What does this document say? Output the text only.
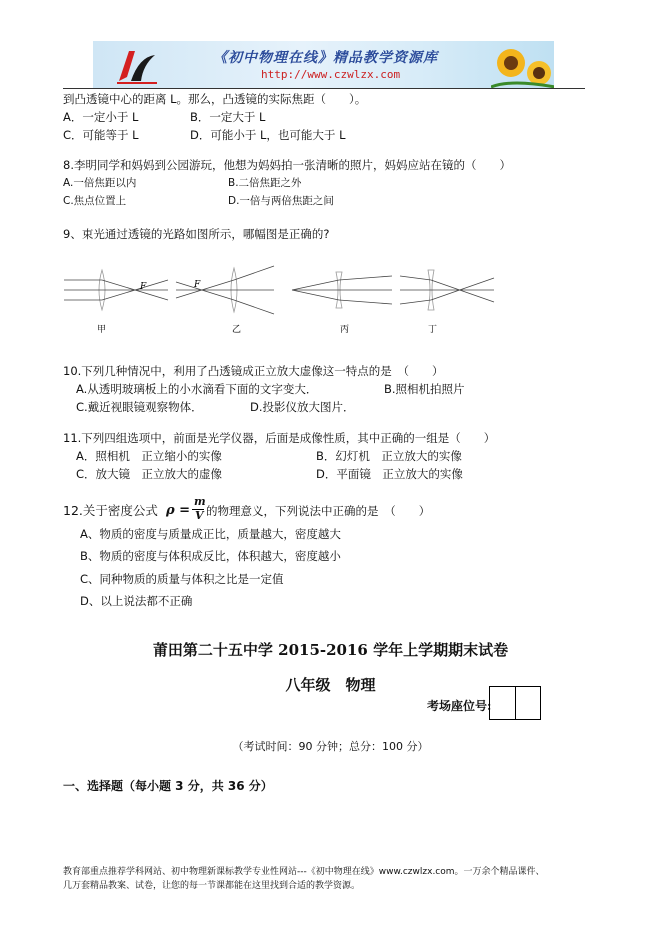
《初中物理在线》精品教学资源库
http://www.czwlzx.com
到凸透镜中心的距离 L。那么，凸透镜的实际焦距（　　）。
A．一定小于 L	B．一定大于 L
C．可能等于 L	D．可能小于 L，也可能大于 L
8.李明同学和妈妈到公园游玩，他想为妈妈拍一张清晰的照片，妈妈应站在镜的（　　）
A.一倍焦距以内	B.二倍焦距之外
C.焦点位置上	D.一倍与两倍焦距之间
9、束光通过透镜的光路如图所示，哪幅图是正确的?
F
甲
F
乙	丙	丁
10.下列几种情况中，利用了凸透镜成正立放大虚像这一特点的是　（　　）
A.从透明玻璃板上的小水滴看下面的文字变大．	B.照相机拍照片
C.戴近视眼镜观察物体．	D.投影仪放大图片．
11.下列四组选项中，前面是光学仪器，后面是成像性质，其中正确的一组是（　　）
A．照相机　正立缩小的实像	B．幻灯机　正立放大的实像
C．放大镜　正立放大的虚像	D．平面镜　正立放大的实像
12.关于密度公式 ρ =
m
V 的物理意义，下列说法中正确的是　（　　）
A、物质的密度与质量成正比，质量越大，密度越大
B、物质的密度与体积成反比，体积越大，密度越小
C、同种物质的质量与体积之比是一定值
D、以上说法都不正确
莆田第二十五中学 2015-2016 学年上学期期末试卷
八年级　物理
考场座位号:
（考试时间：90 分钟；总分：100 分）
一、选择题（每小题 3 分，共 36 分）
教育部重点推荐学科网站、初中物理新课标教学专业性网站---《初中物理在线》www.czwlzx.com。一万余个精品课件、
几万套精品教案、试卷，让您的每一节课都能在这里找到合适的教学资源。
